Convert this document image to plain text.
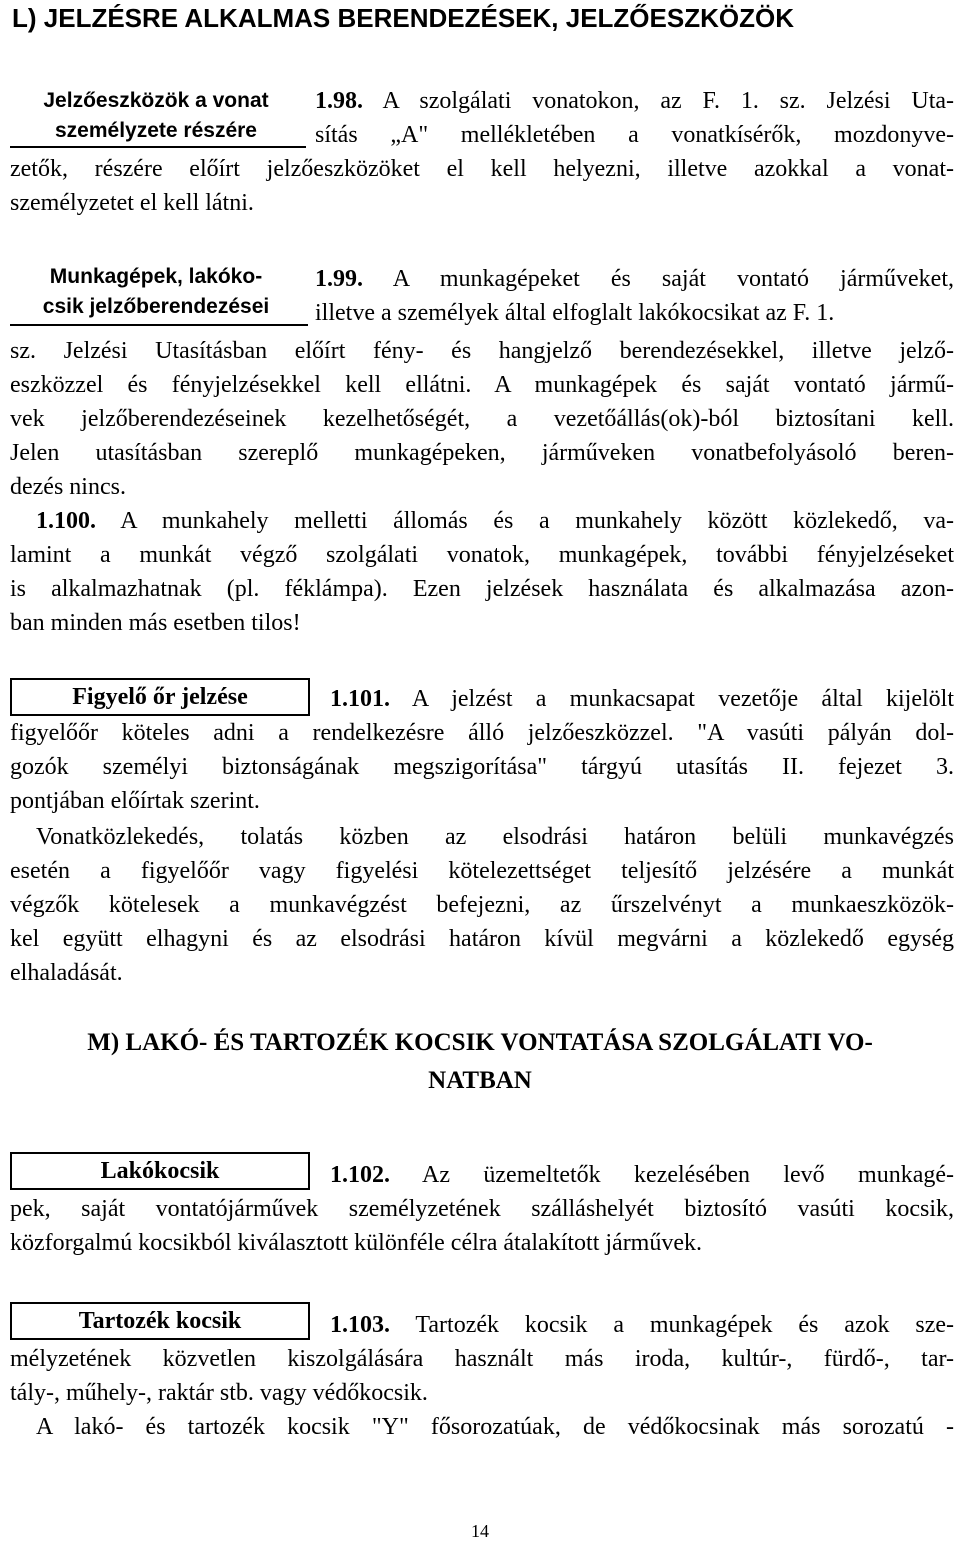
L) JELZÉSRE ALKALMAS BERENDEZÉSEK, JELZŐESZKÖZÖK
Jelzőeszközök a vonat
személyzete részére
1.98. A szolgálati vonatokon, az F. 1. sz. Jelzési Uta-
sítás „A" mellékletében a vonatkísérők, mozdonyve-
zetők, részére előírt jelzőeszközöket el kell helyezni, illetve azokkal a vonat-
személyzetet el kell látni.
Munkagépek, lakóko-
csik jelzőberendezései
1.99. A munkagépeket és saját vontató járműveket,
illetve a személyek által elfoglalt lakókocsikat az F. 1.
sz. Jelzési Utasításban előírt fény- és hangjelző berendezésekkel, illetve jelző-
eszközzel és fényjelzésekkel kell ellátni. A munkagépek és saját vontató jármű-
vek jelzőberendezéseinek kezelhetőségét, a vezetőállás(ok)-ból biztosítani kell.
Jelen utasításban szereplő munkagépeken, járműveken vonatbefolyásoló beren-
dezés nincs.
1.100. A munkahely melletti állomás és a munkahely között közlekedő, va-
lamint a munkát végző szolgálati vonatok, munkagépek, további fényjelzéseket
is alkalmazhatnak (pl. féklámpa). Ezen jelzések használata és alkalmazása azon-
ban minden más esetben tilos!
Figyelő őr jelzése	1.101. A jelzést a munkacsapat vezetője által kijelölt
figyelőőr köteles adni a rendelkezésre álló jelzőeszközzel. "A vasúti pályán dol-
gozók személyi biztonságának megszigorítása" tárgyú utasítás II. fejezet 3.
pontjában előírtak szerint.
Vonatközlekedés, tolatás közben az elsodrási határon belüli munkavégzés
esetén a figyelőőr vagy figyelési kötelezettséget teljesítő jelzésére a munkát
végzők kötelesek a munkavégzést befejezni, az űrszelvényt a munkaeszközök-
kel együtt elhagyni és az elsodrási határon kívül megvárni a közlekedő egység
elhaladását.
M) LAKÓ- ÉS TARTOZÉK KOCSIK VONTATÁSA SZOLGÁLATI VO-
NATBAN
Lakókocsik	1.102. Az üzemeltetők kezelésében levő munkagé-
pek, saját vontatójárművek személyzetének szálláshelyét biztosító vasúti kocsik,
közforgalmú kocsikból kiválasztott különféle célra átalakított járművek.
Tartozék kocsik	1.103. Tartozék kocsik a munkagépek és azok sze-
mélyzetének közvetlen kiszolgálására használt más iroda, kultúr-, fürdő-, tar-
tály-, műhely-, raktár stb. vagy védőkocsik.
A lakó- és tartozék kocsik "Y" fősorozatúak, de védőkocsinak más sorozatú -
14
